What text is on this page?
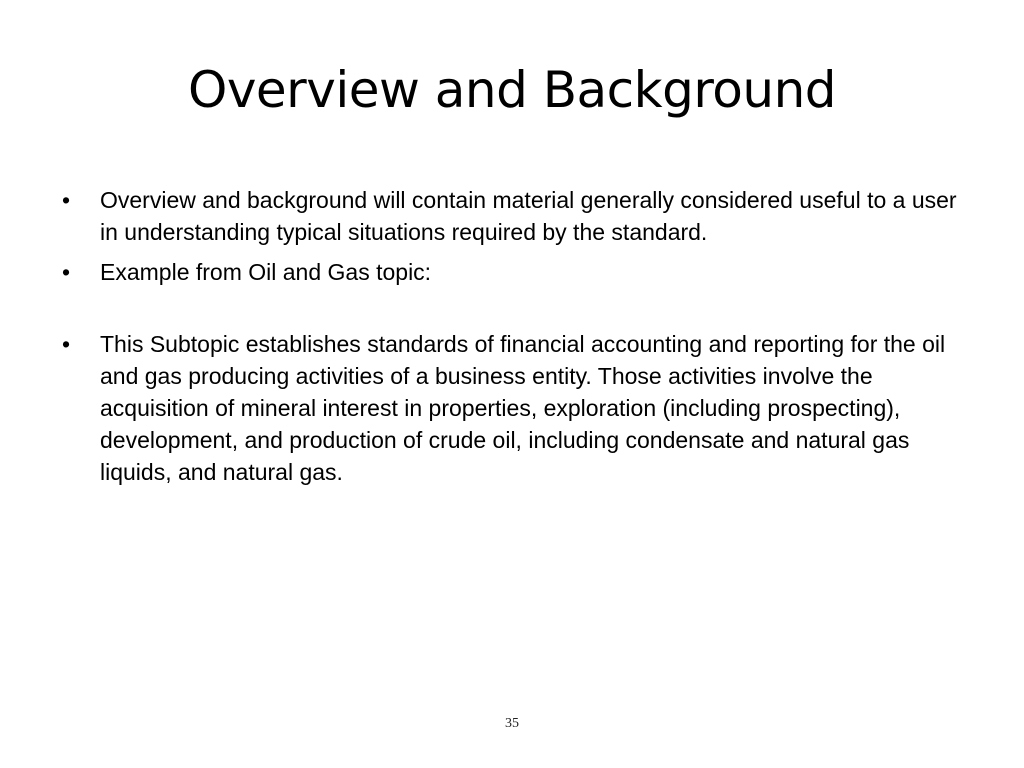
Overview and Background
•	Overview and background will contain material generally considered useful to a user in understanding typical situations required by the standard.
•	Example from Oil and Gas topic:
•	This Subtopic establishes standards of financial accounting and reporting for the oil and gas producing activities of a business entity. Those activities involve the acquisition of mineral interest in properties, exploration (including prospecting), development, and production of crude oil, including condensate and natural gas liquids, and natural gas.
35
